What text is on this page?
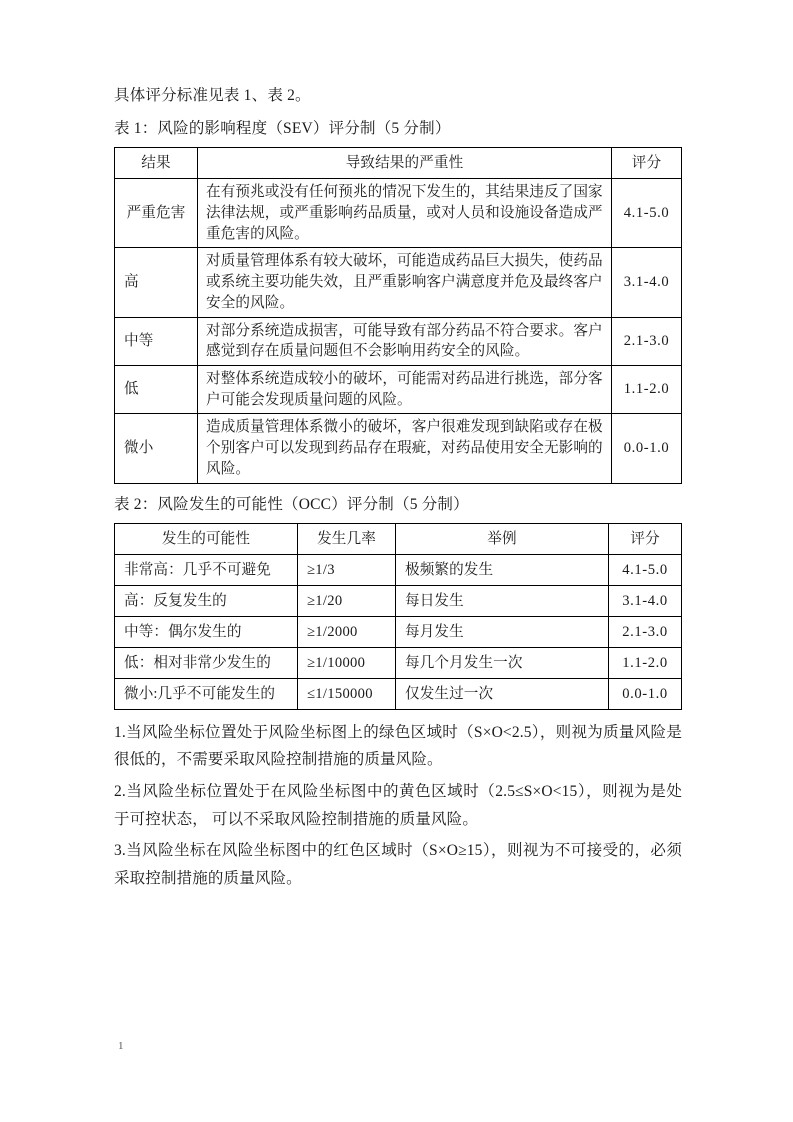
具体评分标准见表 1、表 2。

表 1：风险的影响程度（SEV）评分制（5 分制）

结果	导致结果的严重性	评分
严重危害	在有预兆或没有任何预兆的情况下发生的，其结果违反了国家法律法规，或严重影响药品质量，或对人员和设施设备造成严重危害的风险。	4.1-5.0
高	对质量管理体系有较大破坏，可能造成药品巨大损失，使药品或系统主要功能失效，且严重影响客户满意度并危及最终客户安全的风险。	3.1-4.0
中等	对部分系统造成损害，可能导致有部分药品不符合要求。客户感觉到存在质量问题但不会影响用药安全的风险。	2.1-3.0
低	对整体系统造成较小的破坏，可能需对药品进行挑选，部分客户可能会发现质量问题的风险。	1.1-2.0
微小	造成质量管理体系微小的破坏，客户很难发现到缺陷或存在极个别客户可以发现到药品存在瑕疵，对药品使用安全无影响的风险。	0.0-1.0

表 2：风险发生的可能性（OCC）评分制（5 分制）

发生的可能性	发生几率	举例	评分
非常高：几乎不可避免	≥1/3	极频繁的发生	4.1-5.0
高：反复发生的	≥1/20	每日发生	3.1-4.0
中等：偶尔发生的	≥1/2000	每月发生	2.1-3.0
低：相对非常少发生的	≥1/10000	每几个月发生一次	1.1-2.0
微小:几乎不可能发生的	≤1/150000	仅发生过一次	0.0-1.0

1.当风险坐标位置处于风险坐标图上的绿色区域时（S×O<2.5），则视为质量风险是很低的，不需要采取风险控制措施的质量风险。

2.当风险坐标位置处于在风险坐标图中的黄色区域时（2.5≤S×O<15），则视为是处于可控状态， 可以不采取风险控制措施的质量风险。

3.当风险坐标在风险坐标图中的红色区域时（S×O≥15），则视为不可接受的，必须采取控制措施的质量风险。

1
